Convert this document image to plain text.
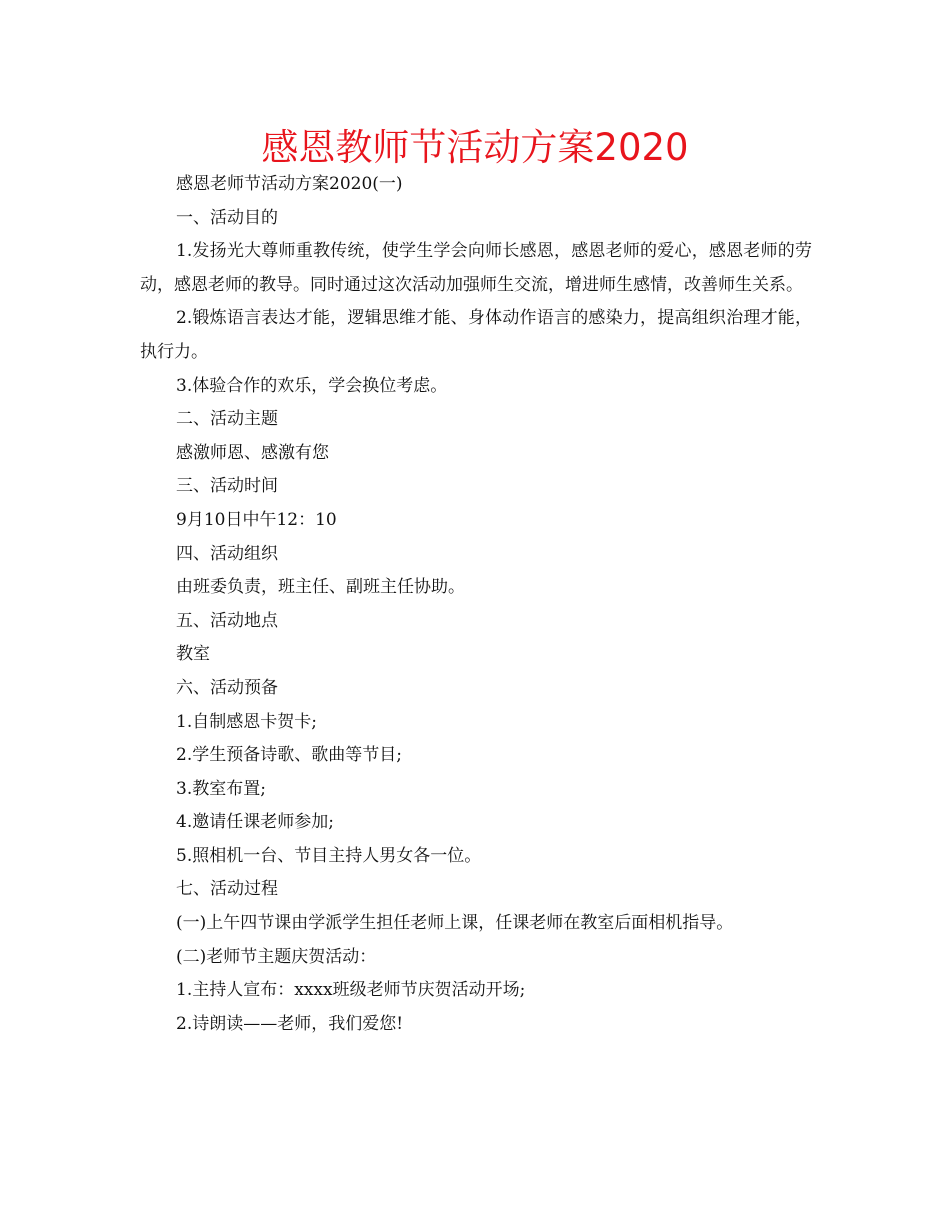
感恩教师节活动方案2020

感恩老师节活动方案2020(一)

一、活动目的

1.发扬光大尊师重教传统，使学生学会向师长感恩，感恩老师的爱心，感恩老师的劳动，感恩老师的教导。同时通过这次活动加强师生交流，增进师生感情，改善师生关系。

2.锻炼语言表达才能，逻辑思维才能、身体动作语言的感染力，提高组织治理才能，执行力。

3.体验合作的欢乐，学会换位考虑。

二、活动主题

感激师恩、感激有您

三、活动时间

9月10日中午12：10

四、活动组织

由班委负责，班主任、副班主任协助。

五、活动地点

教室

六、活动预备

1.自制感恩卡贺卡;

2.学生预备诗歌、歌曲等节目;

3.教室布置;

4.邀请任课老师参加;

5.照相机一台、节目主持人男女各一位。

七、活动过程

(一)上午四节课由学派学生担任老师上课，任课老师在教室后面相机指导。

(二)老师节主题庆贺活动：

1.主持人宣布：xxxx班级老师节庆贺活动开场;

2.诗朗读——老师，我们爱您!
